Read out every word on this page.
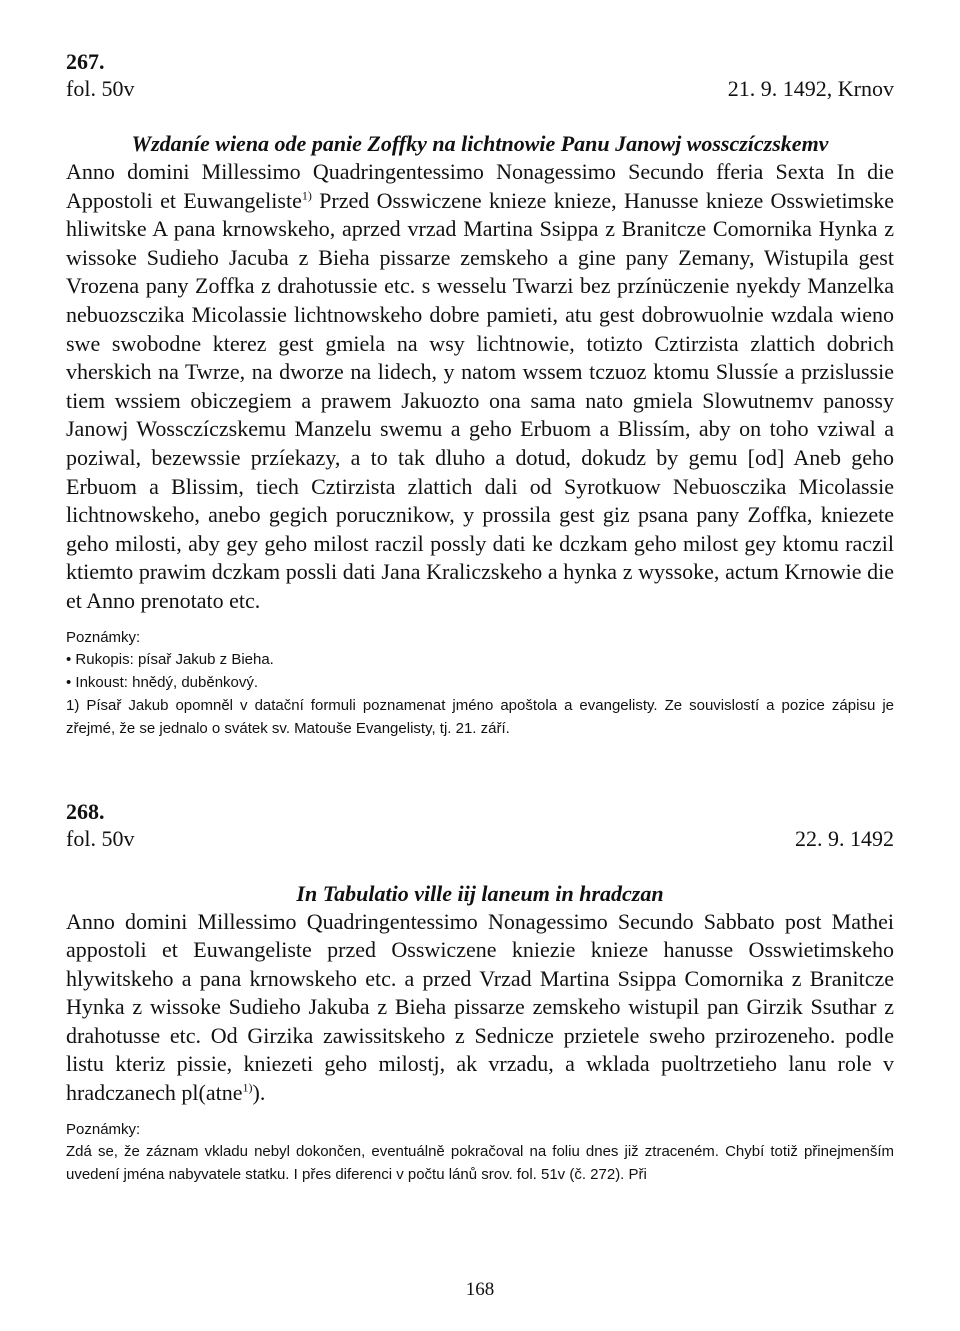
267.
fol. 50v	21. 9. 1492, Krnov
Wzdaníe wiena ode panie Zoffky na lichtnowie Panu Janowj wossczíczskemv

Anno domini Millessimo Quadringentessimo Nonagessimo Secundo fferia Sexta In die Appostoli et Euwangeliste$^{1)}$ Przed Osswiczene knieze knieze, Hanusse knieze Osswietimske hliwitske A pana krnowskeho, aprzed vrzad Martina Ssippa z Branitcze Comornika Hynka z wissoke Sudieho Jacuba z Bieha pissarze zemskeho a gine pany Zemany, Wistupila gest Vrozena pany Zoffka z drahotussie etc. s wesselu Twarzi bez przínüczenie nyekdy Manzelka nebuozsczika Micolassie lichtnowskeho dobre pamieti, atu gest dobrowuolnie wzdala wieno swe swobodne kterez gest gmiela na wsy lichtnowie, totizto Cztirzista zlattich dobrich vherskich na Twrze, na dworze na lidech, y natom wssem tczuoz ktomu Slussíe a przislussie tiem wssiem obiczegiem a prawem Jakuozto ona sama nato gmiela Slowutnemv panossy Janowj Wossczíczskemu Manzelu swemu a geho Erbuom a Blissím, aby on toho vziwal a poziwal, bezewssie przíekazy, a to tak dluho a dotud, dokudz by gemu [od] Aneb geho Erbuom a Blissim, tiech Cztirzista zlattich dali od Syrotkuow Nebuosczika Micolassie lichtnowskeho, anebo gegich porucznikow, y prossila gest giz psana pany Zoffka, kniezete geho milosti, aby gey geho milost raczil possly dati ke dczkam geho milost gey ktomu raczil ktiemto prawim dczkam possli dati Jana Kraliczskeho a hynka z wyssoke, actum Krnowie die et Anno prenotato etc.

Poznámky:
• Rukopis: písař Jakub z Bieha.
• Inkoust: hnědý, duběnkový.
1) Písař Jakub opomněl v datační formuli poznamenat jméno apoštola a evangelisty. Ze souvislostí a pozice zápisu je zřejmé, že se jednalo o svátek sv. Matouše Evangelisty, tj. 21. září.
268.
fol. 50v	22. 9. 1492
In Tabulatio ville iij laneum in hradczan

Anno domini Millessimo Quadringentessimo Nonagessimo Secundo Sabbato post Mathei appostoli et Euwangeliste przed Osswiczene kniezie knieze hanusse Osswietimskeho hlywitskeho a pana krnowskeho etc. a przed Vrzad Martina Ssippa Comornika z Branitcze Hynka z wissoke Sudieho Jakuba z Bieha pissarze zemskeho wistupil pan Girzik Ssuthar z drahotusse etc. Od Girzika zawissitskeho z Sednicze przietele sweho przirozeneho. podle listu kteriz pissie, kniezeti geho milostj, ak vrzadu, a wklada puoltrzetieho lanu role v hradczanech pl(atne$^{1)}$).

Poznámky:
Zdá se, že záznam vkladu nebyl dokončen, eventuálně pokračoval na foliu dnes již ztraceném. Chybí totiž přinejmenším uvedení jména nabyvatele statku. I přes diferenci v počtu lánů srov. fol. 51v (č. 272). Při
168
